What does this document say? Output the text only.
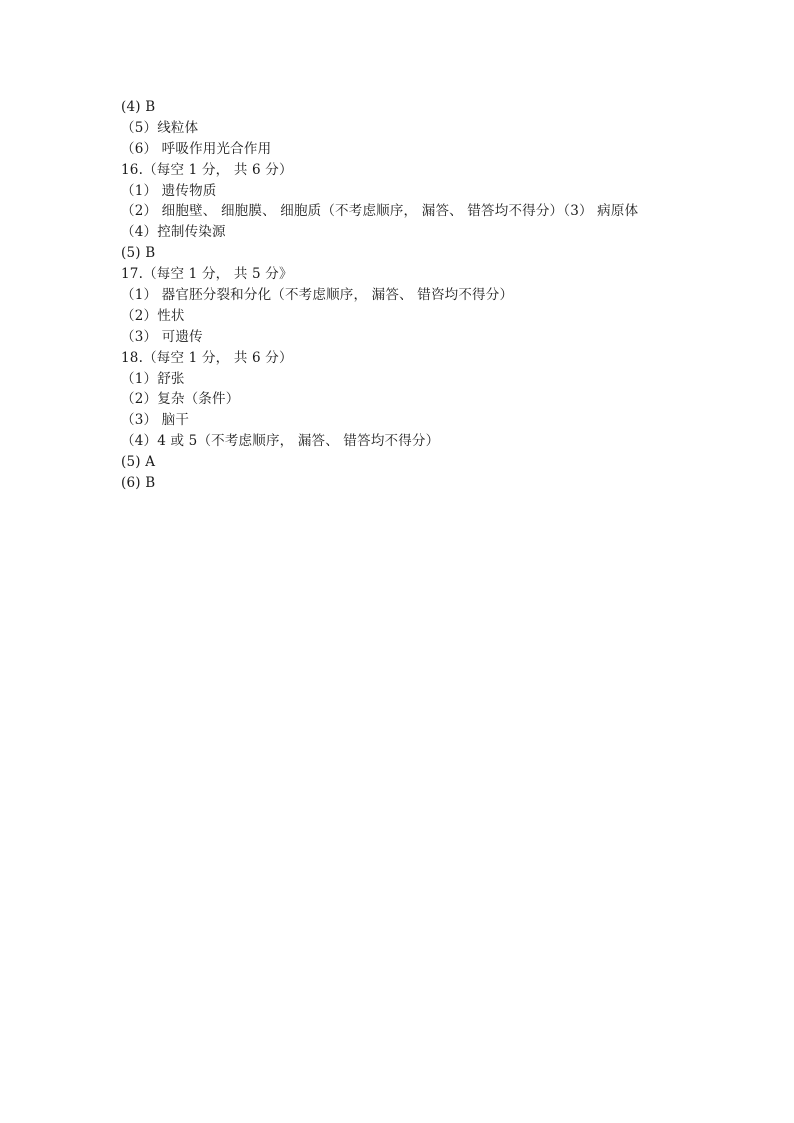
(4) B
（5）线粒体
（6） 呼吸作用光合作用
16.（每空 1 分， 共 6 分）
（1） 遗传物质
（2） 细胞壁、 细胞膜、 细胞质（不考虑顺序， 漏答、 错答均不得分）（3） 病原体
（4）控制传染源
(5) B
17.（每空 1 分， 共 5 分》
（1） 器官胚分裂和分化（不考虑顺序， 漏答、 错咨均不得分）
（2）性状
（3） 可遗传
18.（每空 1 分， 共 6 分）
（1）舒张
（2）复杂（条件）
（3） 脑干
（4）4 或 5（不考虑顺序， 漏答、 错答均不得分）
(5) A
(6) B
